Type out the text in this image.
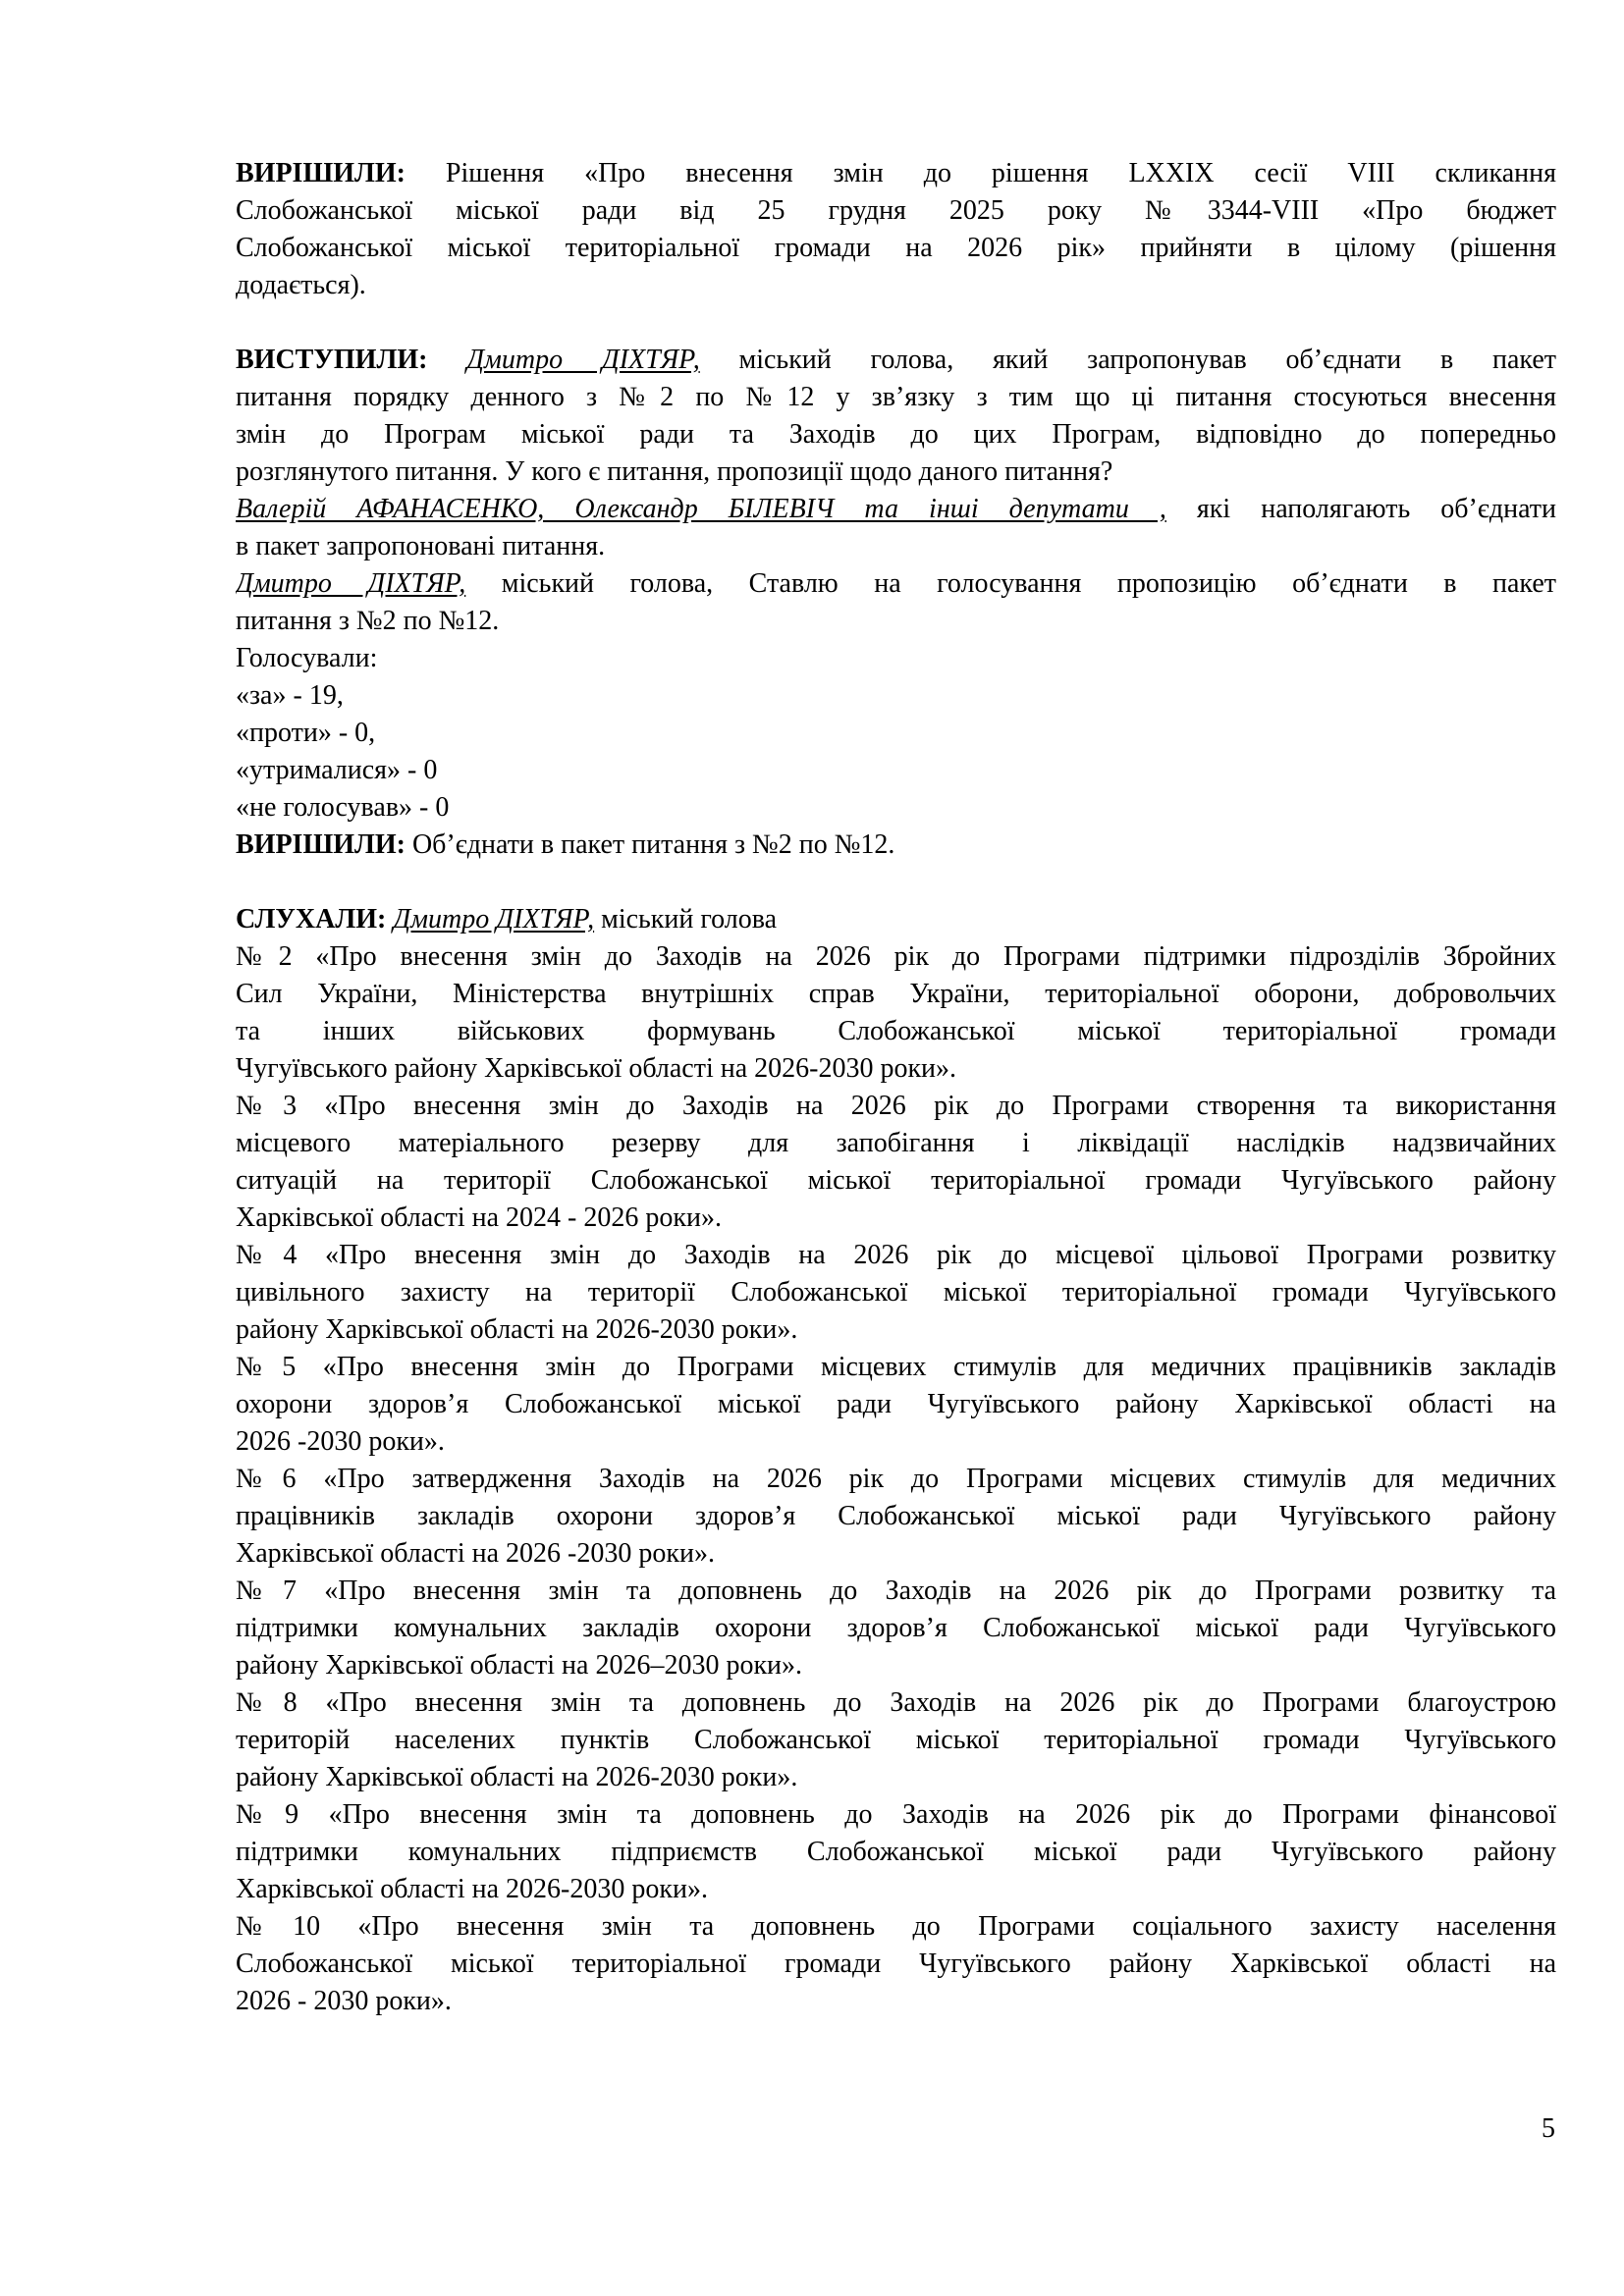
ВИРІШИЛИ: Рішення «Про внесення змін до рішення LXXIX сесії VIII скликання
Слобожанської міської ради від 25 грудня 2025 року №3344-VIII «Про бюджет
Слобожанської міської територіальної громади на 2026 рік» прийняти в цілому (рішення
додається).
ВИСТУПИЛИ: Дмитро ДІХТЯР, міський голова, який запропонував об’єднати в пакет
питання порядку денного з №2 по №12 у зв’язку з тим що ці питання стосуються внесення
змін до Програм міської ради та Заходів до цих Програм, відповідно до попередньо
розглянутого питання. У кого є питання, пропозиції щодо даного питання?
Валерій АФАНАСЕНКО, Олександр БІЛЕВІЧ та інші депутати , які наполягають об’єднати
в пакет запропоновані питання.
Дмитро ДІХТЯР, міський голова, Ставлю на голосування пропозицію об’єднати в пакет
питання з №2 по №12.
Голосували:
«за» - 19,
«проти» - 0,
«утрималися» - 0
«не голосував» - 0
ВИРІШИЛИ: Об’єднати в пакет питання з №2 по №12.
СЛУХАЛИ: Дмитро ДІХТЯР, міський голова
№2 «Про внесення змін до Заходів на 2026 рік до Програми підтримки підрозділів Збройних
Сил України, Міністерства внутрішніх справ України, територіальної оборони, добровольчих
та інших військових формувань Слобожанської міської територіальної громади
Чугуївського району Харківської області на 2026-2030 роки».
№3 «Про внесення змін до Заходів на 2026 рік до Програми створення та використання
місцевого матеріального резерву для запобігання і ліквідації наслідків надзвичайних
ситуацій на території Слобожанської міської територіальної громади Чугуївського району
Харківської області на 2024 - 2026 роки».
№4 «Про внесення змін до Заходів на 2026 рік до місцевої цільової Програми розвитку
цивільного захисту на території Слобожанської міської територіальної громади Чугуївського
району Харківської області на 2026-2030 роки».
№5 «Про внесення змін до Програми місцевих стимулів для медичних працівників закладів
охорони здоров’я Слобожанської міської ради Чугуївського району Харківської області на
2026 -2030 роки».
№6 «Про затвердження Заходів на 2026 рік до Програми місцевих стимулів для медичних
працівників закладів охорони здоров’я Слобожанської міської ради Чугуївського району
Харківської області на 2026 -2030 роки».
№7 «Про внесення змін та доповнень до Заходів на 2026 рік до Програми розвитку та
підтримки комунальних закладів охорони здоров’я Слобожанської міської ради Чугуївського
району Харківської області на 2026–2030 роки».
№8 «Про внесення змін та доповнень до Заходів на 2026 рік до Програми благоустрою
територій населених пунктів Слобожанської міської територіальної громади Чугуївського
району Харківської області на 2026-2030 роки».
№9 «Про внесення змін та доповнень до Заходів на 2026 рік до Програми фінансової
підтримки комунальних підприємств Слобожанської міської ради Чугуївського району
Харківської області на 2026-2030 роки».
№10 «Про внесення змін та доповнень до Програми соціального захисту населення
Слобожанської міської територіальної громади Чугуївського району Харківської області на
2026 - 2030 роки».
5
